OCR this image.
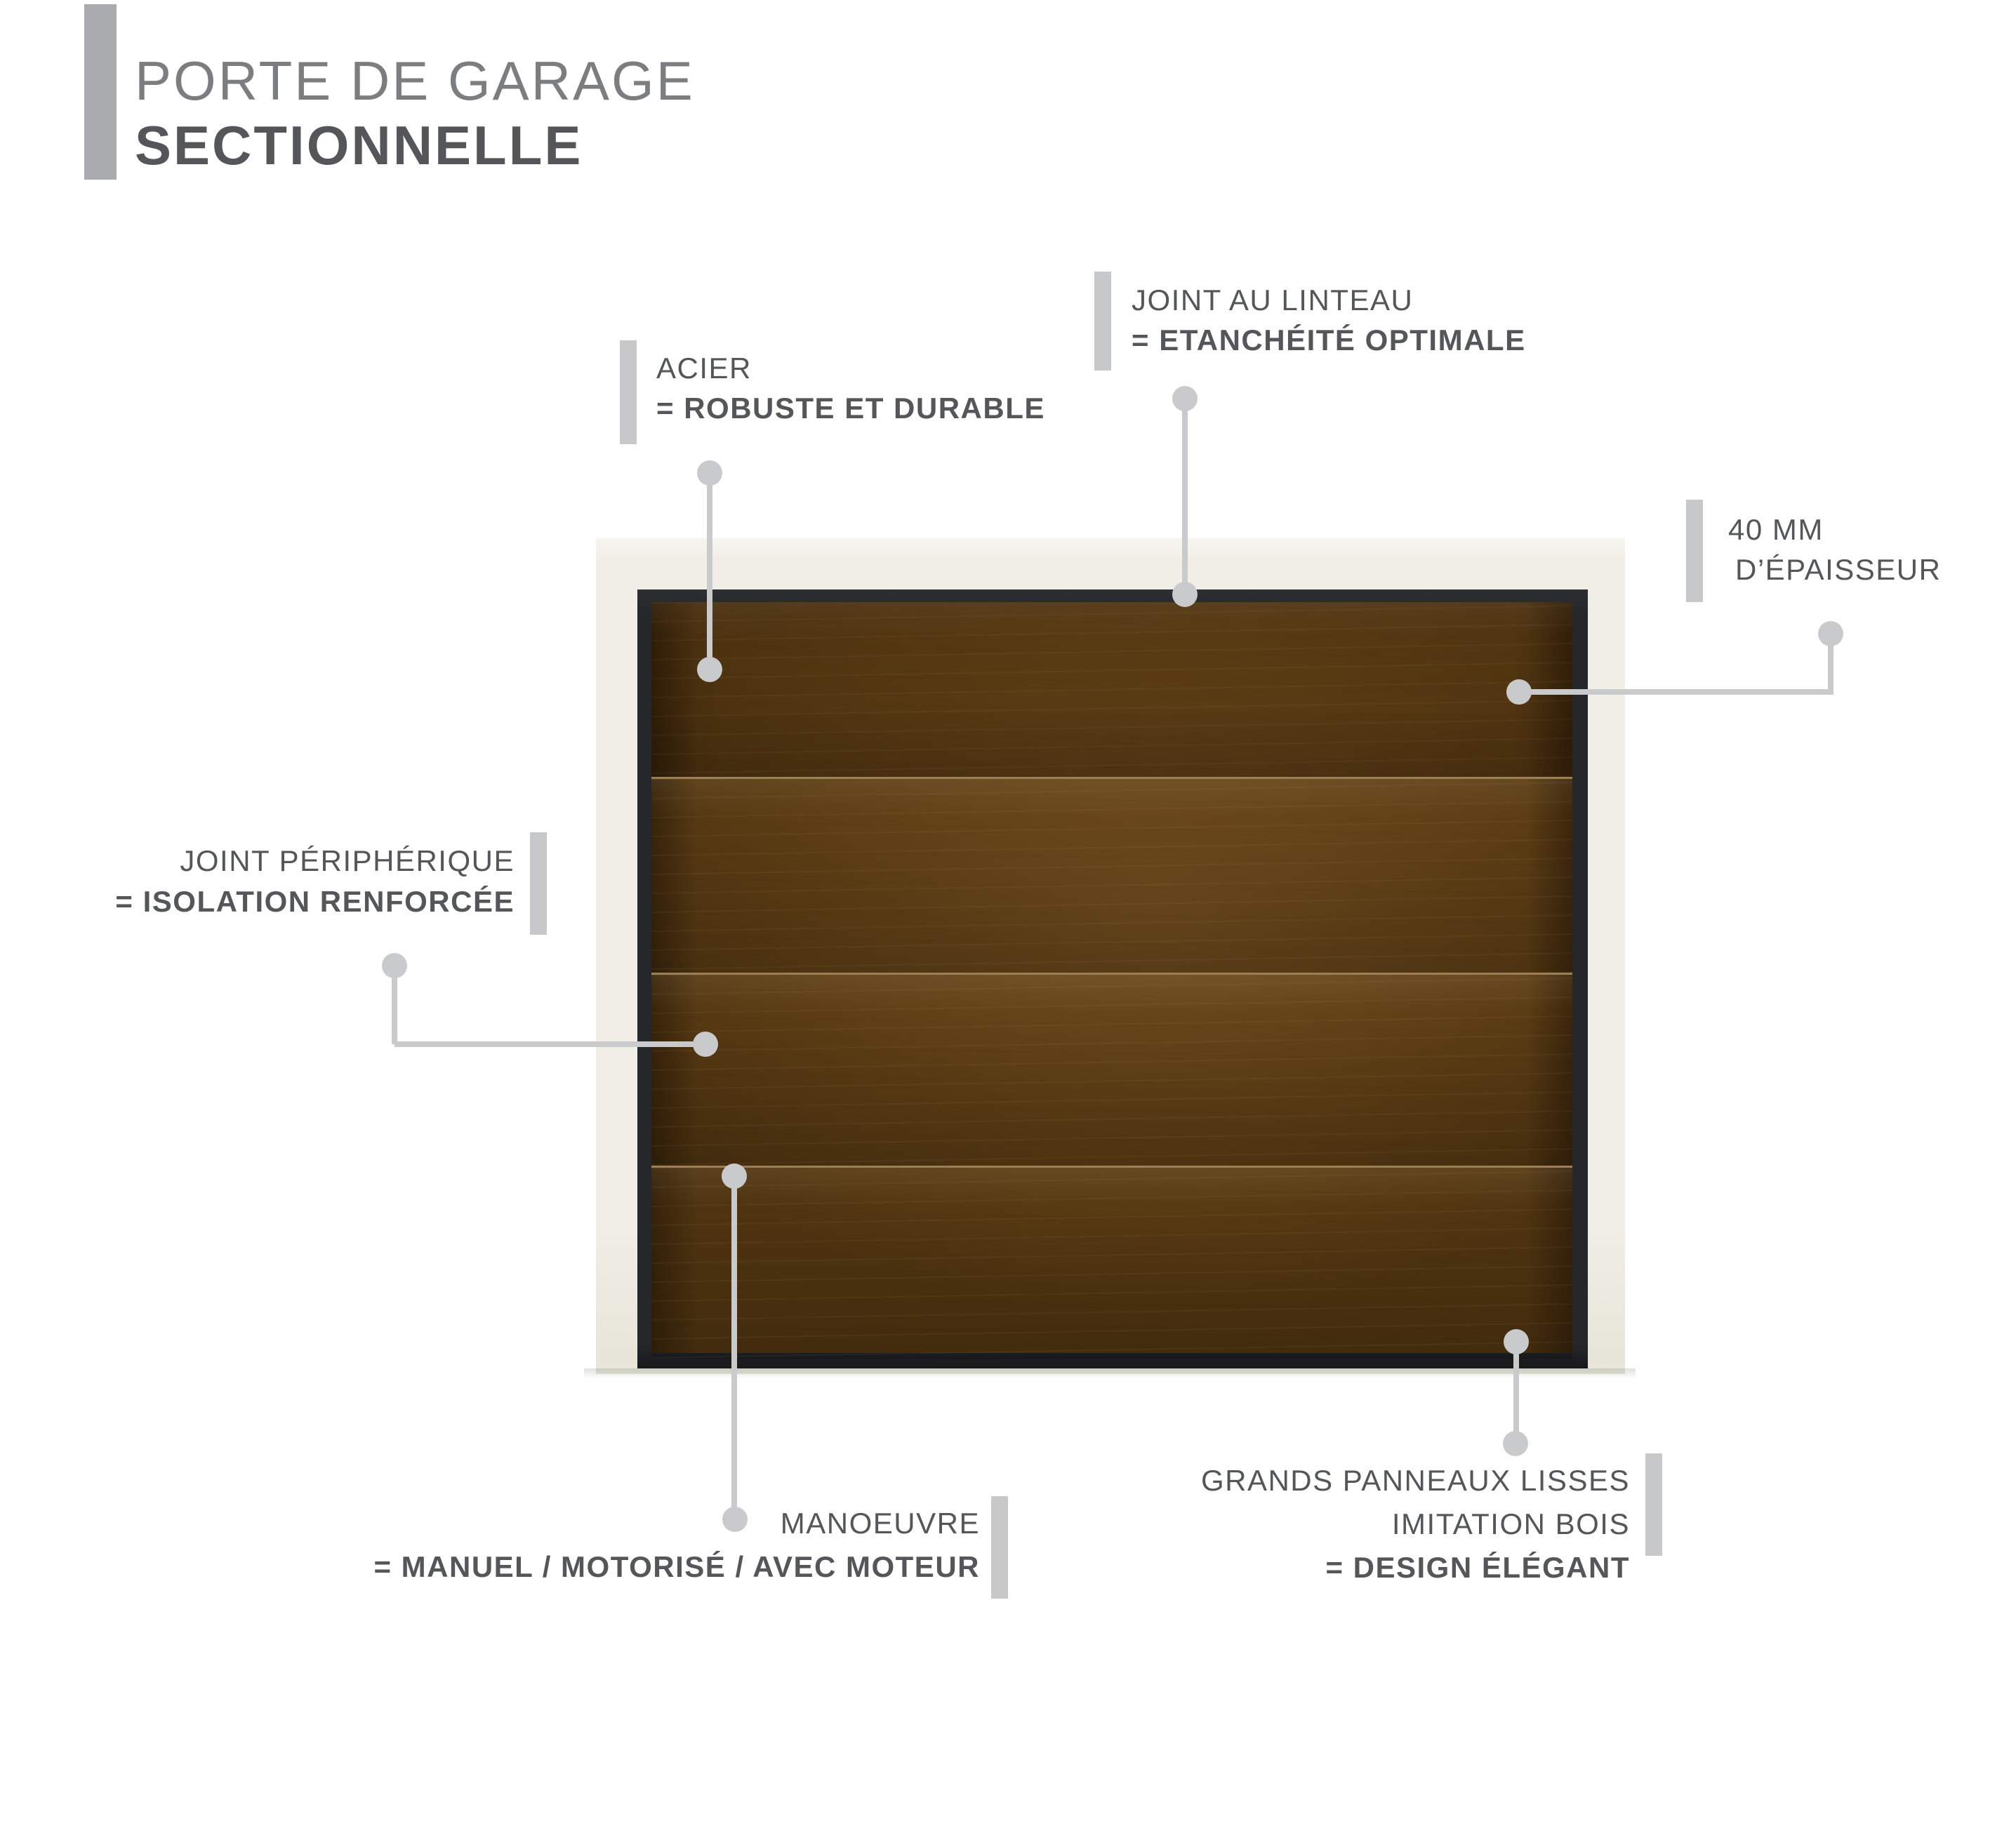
PORTE DE GARAGE
SECTIONNELLE
ACIER
= ROBUSTE ET DURABLE
JOINT AU LINTEAU
= ETANCHÉITÉ OPTIMALE
40 MM
D’ÉPAISSEUR
JOINT PÉRIPHÉRIQUE
= ISOLATION RENFORCÉE
MANOEUVRE
= MANUEL / MOTORISÉ / AVEC MOTEUR
GRANDS PANNEAUX LISSES
IMITATION BOIS
= DESIGN ÉLÉGANT
